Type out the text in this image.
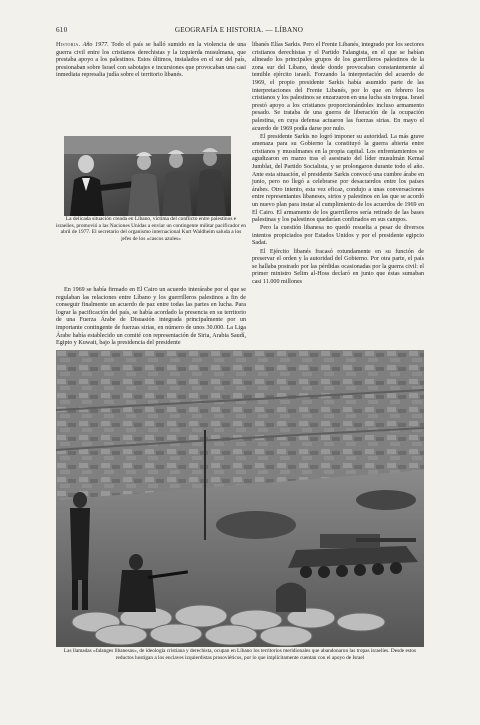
610	GEOGRAFÍA E HISTORIA. — LÍBANO

Historia. Año 1977. Todo el país se halló sumido en la violencia de una guerra civil entre los cristianos derechistas y la izquierda musulmana, que prestaba apoyo a los palestinos. Estos últimos, instalados en el sur del país, presionaban sobre Israel con sabotajes e incursiones que provocaban una casi inmediata represalia judía sobre el territorio libanés.

La delicada situación creada en Líbano, víctima del conflicto entre palestinos e israelíes, promovió a las Naciones Unidas a enviar un contingente militar pacificador en abril de 1977. El secretario del organismo internacional Kurt Waldheim saluda a los jefes de los «cascos azules»

En 1969 se había firmado en El Cairo un acuerdo interárabe por el que se regulaban las relaciones entre Líbano y los guerrilleros palestinos a fin de conseguir finalmente un acuerdo de paz entre todas las partes en lucha. Para lograr la pacificación del país, se había acordado la presencia en su territorio de una Fuerza Árabe de Disuasión integrada principalmente por un importante contingente de fuerzas sirias, en número de unos 30.000. La Liga Árabe había establecido un comité con representación de Siria, Arabia Saudí, Egipto y Kuwait, bajo la presidencia del presidente

libanés Elías Sarkis. Pero el Frente Libanés, integrado por los sectores cristianos derechistas y el Partido Falangista, en el que se habían alineado los principales grupos de los guerrilleros palestinos de la zona sur del Líbano, desde donde provocaban constantemente al temible ejército israelí. Forzando la interpretación del acuerdo de 1969, el propio presidente Sarkis había asumido parte de las interpretaciones del Frente Libanés, por lo que en febrero los cristianos y los palestinos se enzarzaron en una lucha sin tregua. Israel prestó apoyo a los cristianos proporcionándoles incluso armamento pesado. Se trataba de una guerra de liberación de la ocupación palestina, en cuya defensa actuaron las fuerzas sirias. En mayo el acuerdo de 1969 podía darse por nulo.

El presidente Sarkis no logró imponer su autoridad. La más grave amenaza para su Gobierno la constituyó la guerra abierta entre cristianos y musulmanes en la propia capital. Los enfrentamientos se agudizaron en marzo tras el asesinato del líder musulmán Kemal Jumblat, del Partido Socialista, y se prolongaron durante todo el año. Ante esta situación, el presidente Sarkis convocó una cumbre árabe en junio, pero no llegó a celebrarse por desacuerdos entre los países árabes. Otro intento, esta vez eficaz, condujo a unas conversaciones entre representantes libaneses, sirios y palestinos en las que se acordó un nuevo plan para instar al cumplimiento de los acuerdos de 1969 en El Cairo. El armamento de los guerrilleros sería retirado de las bases palestinas y los palestinos quedarían confinados en sus campos.

Pero la cuestión libanesa no quedó resuelta a pesar de diversos intentos propiciados por Estados Unidos y por el presidente egipcio Sadat.

El Ejército libanés fracasó rotundamente en su función de preservar el orden y la autoridad del Gobierno. Por otra parte, el país se hallaba postrado por las pérdidas ocasionadas por la guerra civil: el primer ministro Selim al-Hoss declaró en junio que éstas sumaban casi 11.000 millones

Las llamadas «falanges libanesas», de ideología cristiana y derechista, ocupan en Líbano los territorios meridionales que abandonaron las tropas israelíes. Desde estos reductos hostigan a los enclaves izquierdistas prosoviéticos, por lo que implícitamente cuentan con el apoyo de Israel
